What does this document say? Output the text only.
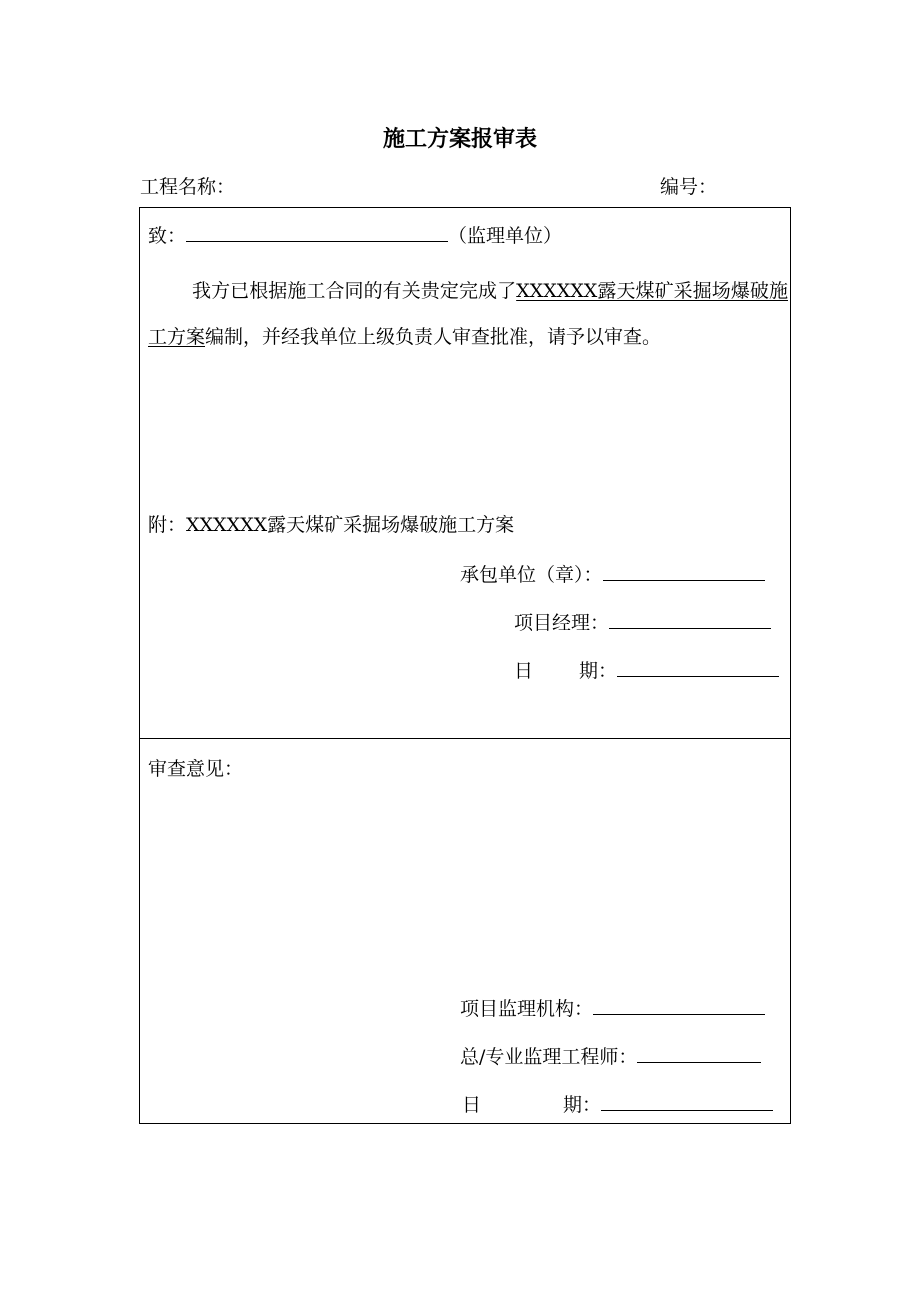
施工方案报审表
工程名称：	编号：
致：	（监理单位）
我方已根据施工合同的有关贵定完成了XXXXXX露天煤矿采掘场爆破施工方案编制，并经我单位上级负责人审查批准，请予以审查。
附：XXXXXX露天煤矿采掘场爆破施工方案
承包单位（章）：
项目经理：
日 期：
审查意见：
项目监理机构：
总/专业监理工程师：
日	期：
